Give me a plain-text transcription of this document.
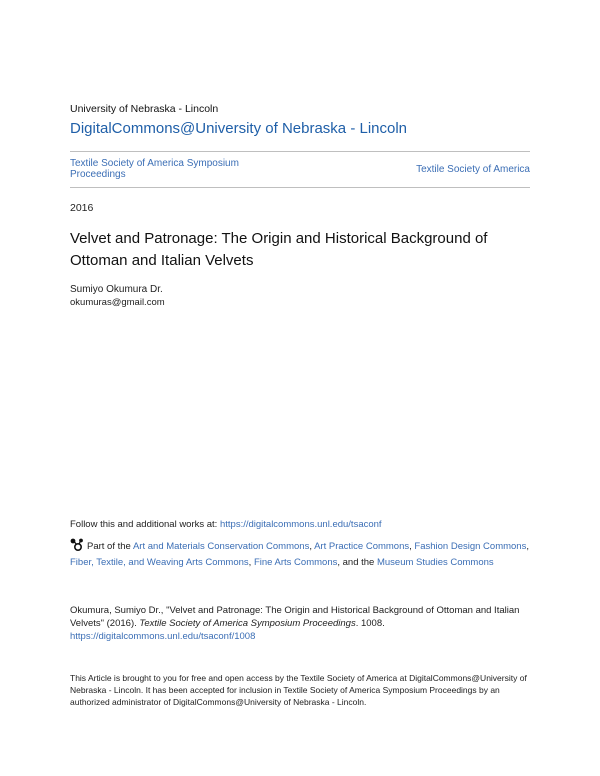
University of Nebraska - Lincoln
DigitalCommons@University of Nebraska - Lincoln
Textile Society of America Symposium Proceedings	Textile Society of America
2016
Velvet and Patronage: The Origin and Historical Background of Ottoman and Italian Velvets
Sumiyo Okumura Dr.
okumuras@gmail.com
Follow this and additional works at: https://digitalcommons.unl.edu/tsaconf
Part of the Art and Materials Conservation Commons, Art Practice Commons, Fashion Design Commons, Fiber, Textile, and Weaving Arts Commons, Fine Arts Commons, and the Museum Studies Commons
Okumura, Sumiyo Dr., "Velvet and Patronage: The Origin and Historical Background of Ottoman and Italian Velvets" (2016). Textile Society of America Symposium Proceedings. 1008.
https://digitalcommons.unl.edu/tsaconf/1008
This Article is brought to you for free and open access by the Textile Society of America at DigitalCommons@University of Nebraska - Lincoln. It has been accepted for inclusion in Textile Society of America Symposium Proceedings by an authorized administrator of DigitalCommons@University of Nebraska - Lincoln.
